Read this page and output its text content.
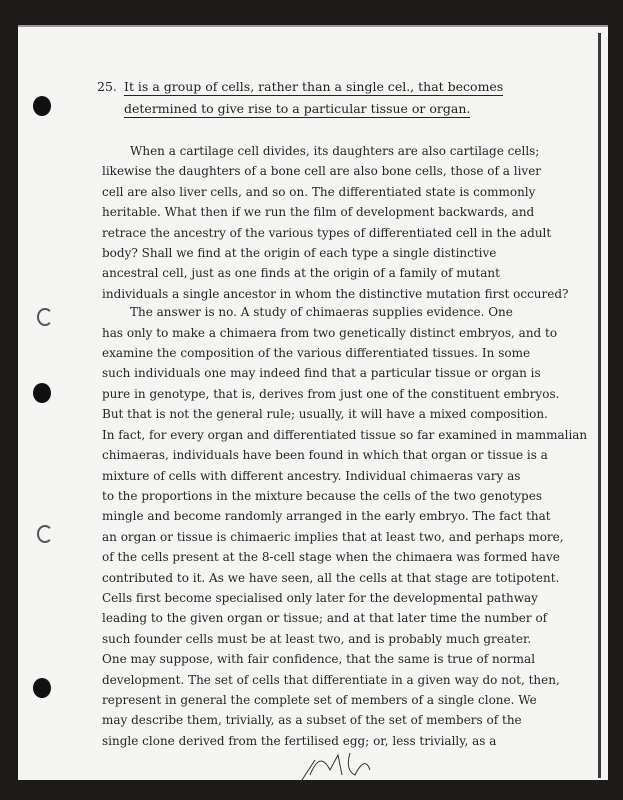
25. It is a group of cells, rather than a single cel., that becomes
determined to give rise to a particular tissue or organ.
When a cartilage cell divides, its daughters are also cartilage cells;
likewise the daughters of a bone cell are also bone cells, those of a liver
cell are also liver cells, and so on. The differentiated state is commonly
heritable. What then if we run the film of development backwards, and
retrace the ancestry of the various types of differentiated cell in the adult
body? Shall we find at the origin of each type a single distinctive
ancestral cell, just as one finds at the origin of a family of mutant
individuals a single ancestor in whom the distinctive mutation first occured?
The answer is no. A study of chimaeras supplies evidence. One
has only to make a chimaera from two genetically distinct embryos, and to
examine the composition of the various differentiated tissues. In some
such individuals one may indeed find that a particular tissue or organ is
pure in genotype, that is, derives from just one of the constituent embryos.
But that is not the general rule; usually, it will have a mixed composition.
In fact, for every organ and differentiated tissue so far examined in mammalian
chimaeras, individuals have been found in which that organ or tissue is a
mixture of cells with different ancestry. Individual chimaeras vary as
to the proportions in the mixture because the cells of the two genotypes
mingle and become randomly arranged in the early embryo. The fact that
an organ or tissue is chimaeric implies that at least two, and perhaps more,
of the cells present at the 8-cell stage when the chimaera was formed have
contributed to it. As we have seen, all the cells at that stage are totipotent.
Cells first become specialised only later for the developmental pathway
leading to the given organ or tissue; and at that later time the number of
such founder cells must be at least two, and is probably much greater.
One may suppose, with fair confidence, that the same is true of normal
development. The set of cells that differentiate in a given way do not, then,
represent in general the complete set of members of a single clone. We
may describe them, trivially, as a subset of the set of members of the
single clone derived from the fertilised egg; or, less trivially, as a
